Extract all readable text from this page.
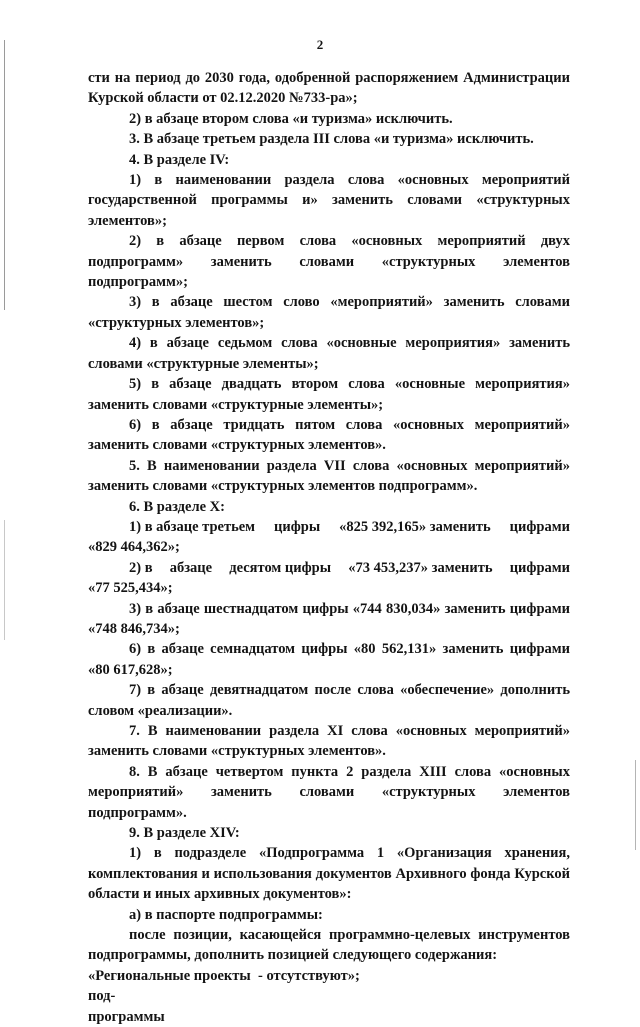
2

сти на период до 2030 года, одобренной распоряжением Администрации Курской области от 02.12.2020 №733-ра»;

2) в абзаце втором слова «и туризма» исключить.

3. В абзаце третьем раздела III слова «и туризма» исключить.

4. В разделе IV:

1) в наименовании раздела слова «основных мероприятий государственной программы и» заменить словами «структурных элементов»;

2) в абзаце первом слова «основных мероприятий двух подпрограмм» заменить словами «структурных элементов подпрограмм»;

3) в абзаце шестом слово «мероприятий» заменить словами «структурных элементов»;

4) в абзаце седьмом слова «основные мероприятия» заменить словами «структурные элементы»;

5) в абзаце двадцать втором слова «основные мероприятия» заменить словами «структурные элементы»;

6) в абзаце тридцать пятом слова «основных мероприятий» заменить словами «структурных элементов».

5. В наименовании раздела VII слова «основных мероприятий» заменить словами «структурных элементов подпрограмм».

6. В разделе X:

1) в абзаце третьем цифры «825 392,165» заменить цифрами

«829 464,362»;

2) в абзаце десятом цифры «73 453,237» заменить цифрами

«77 525,434»;

3) в абзаце шестнадцатом цифры «744 830,034» заменить цифрами «748 846,734»;

6) в абзаце семнадцатом цифры «80 562,131» заменить цифрами «80 617,628»;

7) в абзаце девятнадцатом после слова «обеспечение» дополнить словом «реализации».

7. В наименовании раздела XI слова «основных мероприятий» заменить словами «структурных элементов».

8. В абзаце четвертом пункта 2 раздела XIII слова «основных мероприятий» заменить словами «структурных элементов подпрограмм».

9. В разделе XIV:

1) в подразделе «Подпрограмма 1 «Организация хранения, комплектования и использования документов Архивного фонда Курской области и иных архивных документов»:

а) в паспорте подпрограммы:

после позиции, касающейся программно-целевых инструментов подпрограммы, дополнить позицией следующего содержания:

«Региональные проекты под-
- отсутствуют»;
программы
